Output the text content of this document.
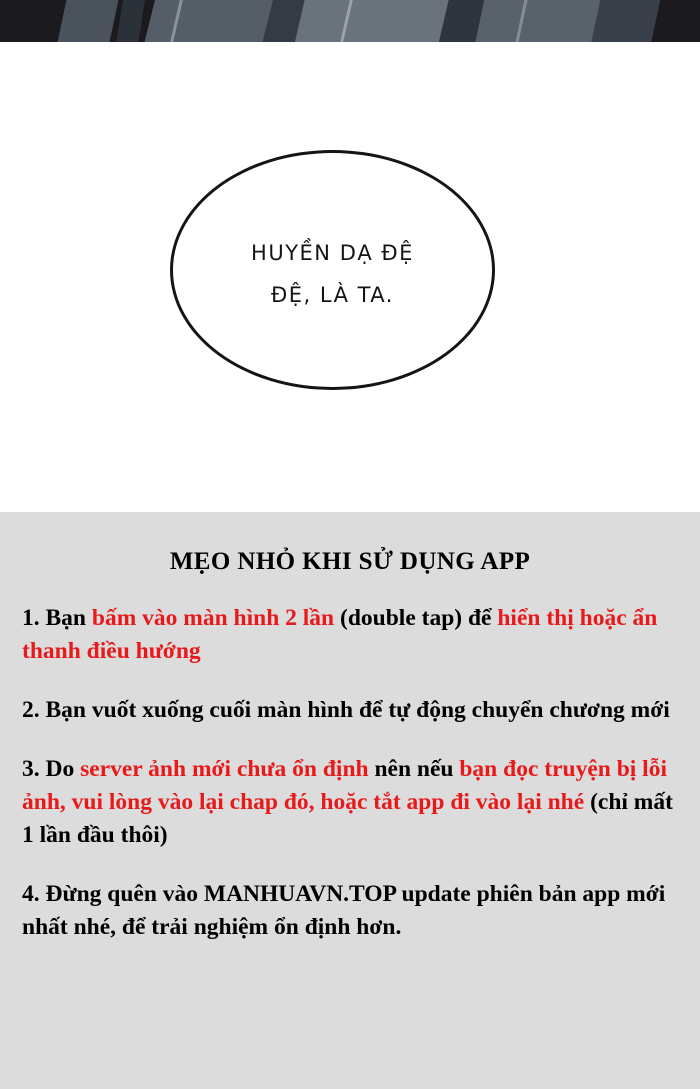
HUYỀN DẠ ĐỆ
ĐỆ, LÀ TA.
MẸO NHỎ KHI SỬ DỤNG APP

1. Bạn bấm vào màn hình 2 lần (double tap) để hiển thị hoặc ẩn thanh điều hướng

2. Bạn vuốt xuống cuối màn hình để tự động chuyển chương mới

3. Do server ảnh mới chưa ổn định nên nếu bạn đọc truyện bị lỗi ảnh, vui lòng vào lại chap đó, hoặc tắt app đi vào lại nhé (chỉ mất 1 lần đầu thôi)

4. Đừng quên vào MANHUAVN.TOP update phiên bản app mới nhất nhé, để trải nghiệm ổn định hơn.
